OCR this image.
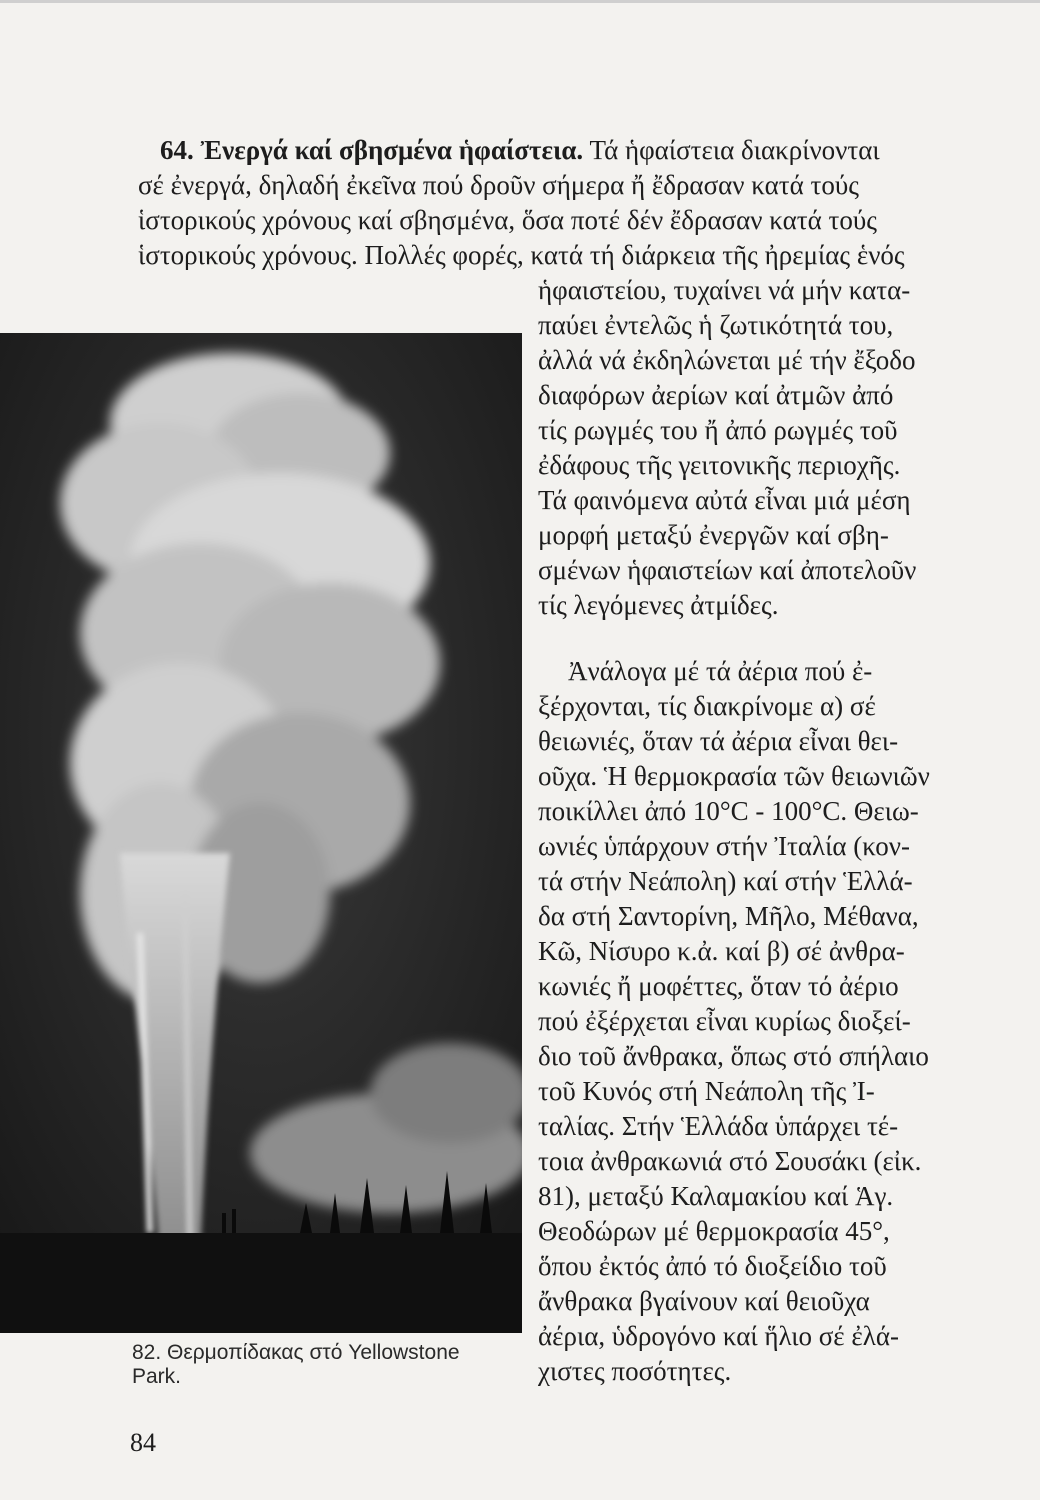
64. Ἐνεργά καί σβησμένα ἡφαίστεια. Τά ἡφαίστεια διακρίνονται
σέ ἐνεργά, δηλαδή ἐκεῖνα πού δροῦν σήμερα ἤ ἔδρασαν κατά τούς
ἱστορικούς χρόνους καί σβησμένα, ὅσα ποτέ δέν ἔδρασαν κατά τούς
ἱστορικούς χρόνους. Πολλές φορές, κατά τή διάρκεια τῆς ἠρεμίας ἑνός
ἡφαιστείου, τυχαίνει νά μήν κατα-
παύει ἐντελῶς ἡ ζωτικότητά του,
ἀλλά νά ἐκδηλώνεται μέ τήν ἔξοδο
διαφόρων ἀερίων καί ἀτμῶν ἀπό
τίς ρωγμές του ἤ ἀπό ρωγμές τοῦ
ἐδάφους τῆς γειτονικῆς περιοχῆς.
Τά φαινόμενα αὐτά εἶναι μιά μέση
μορφή μεταξύ ἐνεργῶν καί σβη-
σμένων ἡφαιστείων καί ἀποτελοῦν
τίς λεγόμενες ἀτμίδες.
Ἀνάλογα μέ τά ἀέρια πού ἐ-
ξέρχονται, τίς διακρίνομε α) σέ
θειωνιές, ὅταν τά ἀέρια εἶναι θει-
οῦχα. Ἡ θερμοκρασία τῶν θειωνιῶν
ποικίλλει ἀπό 10°C - 100°C. Θειω-
ωνιές ὑπάρχουν στήν Ἰταλία (κον-
τά στήν Νεάπολη) καί στήν Ἑλλά-
δα στή Σαντορίνη, Μῆλο, Μέθανα,
Κῶ, Νίσυρο κ.ἀ. καί β) σέ ἀνθρα-
κωνιές ἤ μοφέττες, ὅταν τό ἀέριο
πού ἐξέρχεται εἶναι κυρίως διοξεί-
διο τοῦ ἄνθρακα, ὅπως στό σπήλαιο
τοῦ Κυνός στή Νεάπολη τῆς Ἰ-
ταλίας. Στήν Ἑλλάδα ὑπάρχει τέ-
τοια ἀνθρακωνιά στό Σουσάκι (εἰκ.
81), μεταξύ Καλαμακίου καί Ἁγ.
Θεοδώρων μέ θερμοκρασία 45°,
ὅπου ἐκτός ἀπό τό διοξείδιο τοῦ
ἄνθρακα βγαίνουν καί θειοῦχα
ἀέρια, ὑδρογόνο καί ἥλιο σέ ἐλά-
χιστες ποσότητες.
82. Θερμοπίδακας στό Yellowstone
Park.
84
